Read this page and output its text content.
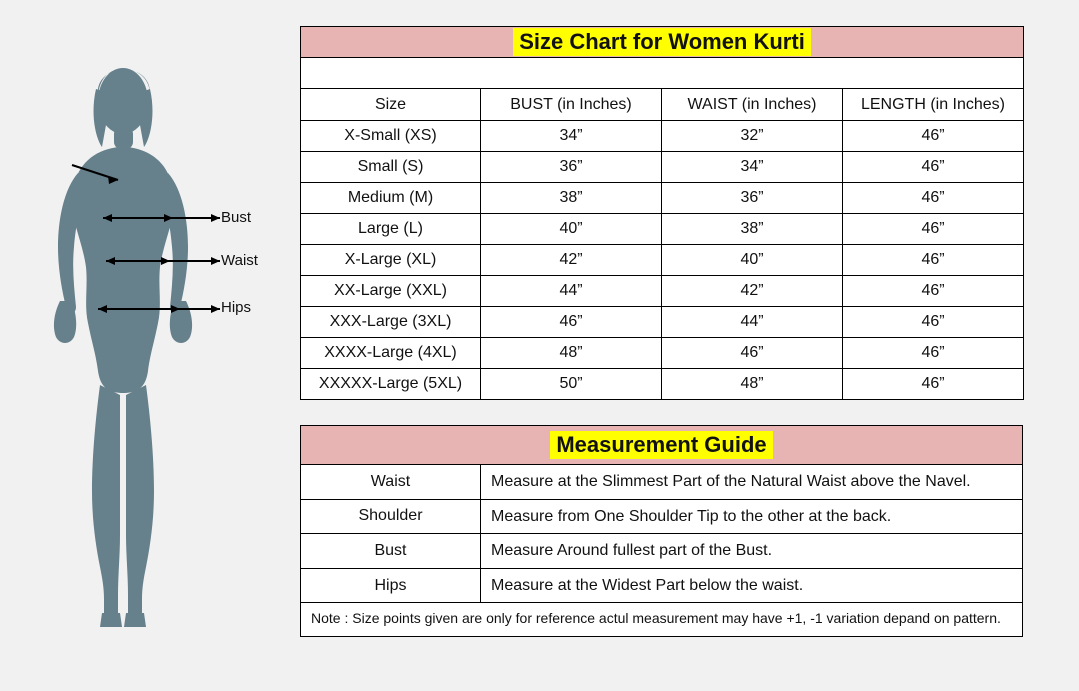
Bust
Waist
Hips
Size Chart for Women Kurti			

Size	BUST (in Inches)	WAIST (in Inches)	LENGTH (in Inches)
X-Small (XS)	34”	32”	46”
Small (S)	36”	34”	46”
Medium (M)	38”	36”	46”
Large (L)	40”	38”	46”
X-Large (XL)	42”	40”	46”
XX-Large (XXL)	44”	42”	46”
XXX-Large (3XL)	46”	44”	46”
XXXX-Large (4XL)	48”	46”	46”
XXXXX-Large (5XL)	50”	48”	46”
Measurement Guide	
Waist	Measure at the Slimmest Part of the Natural Waist above the Navel.
Shoulder	Measure from One Shoulder Tip to the other at the back.
Bust	Measure Around fullest part of the Bust.
Hips	Measure at the Widest Part below the waist.
Note : Size points given are only for reference actul measurement may have +1, -1 variation depand on pattern.	
